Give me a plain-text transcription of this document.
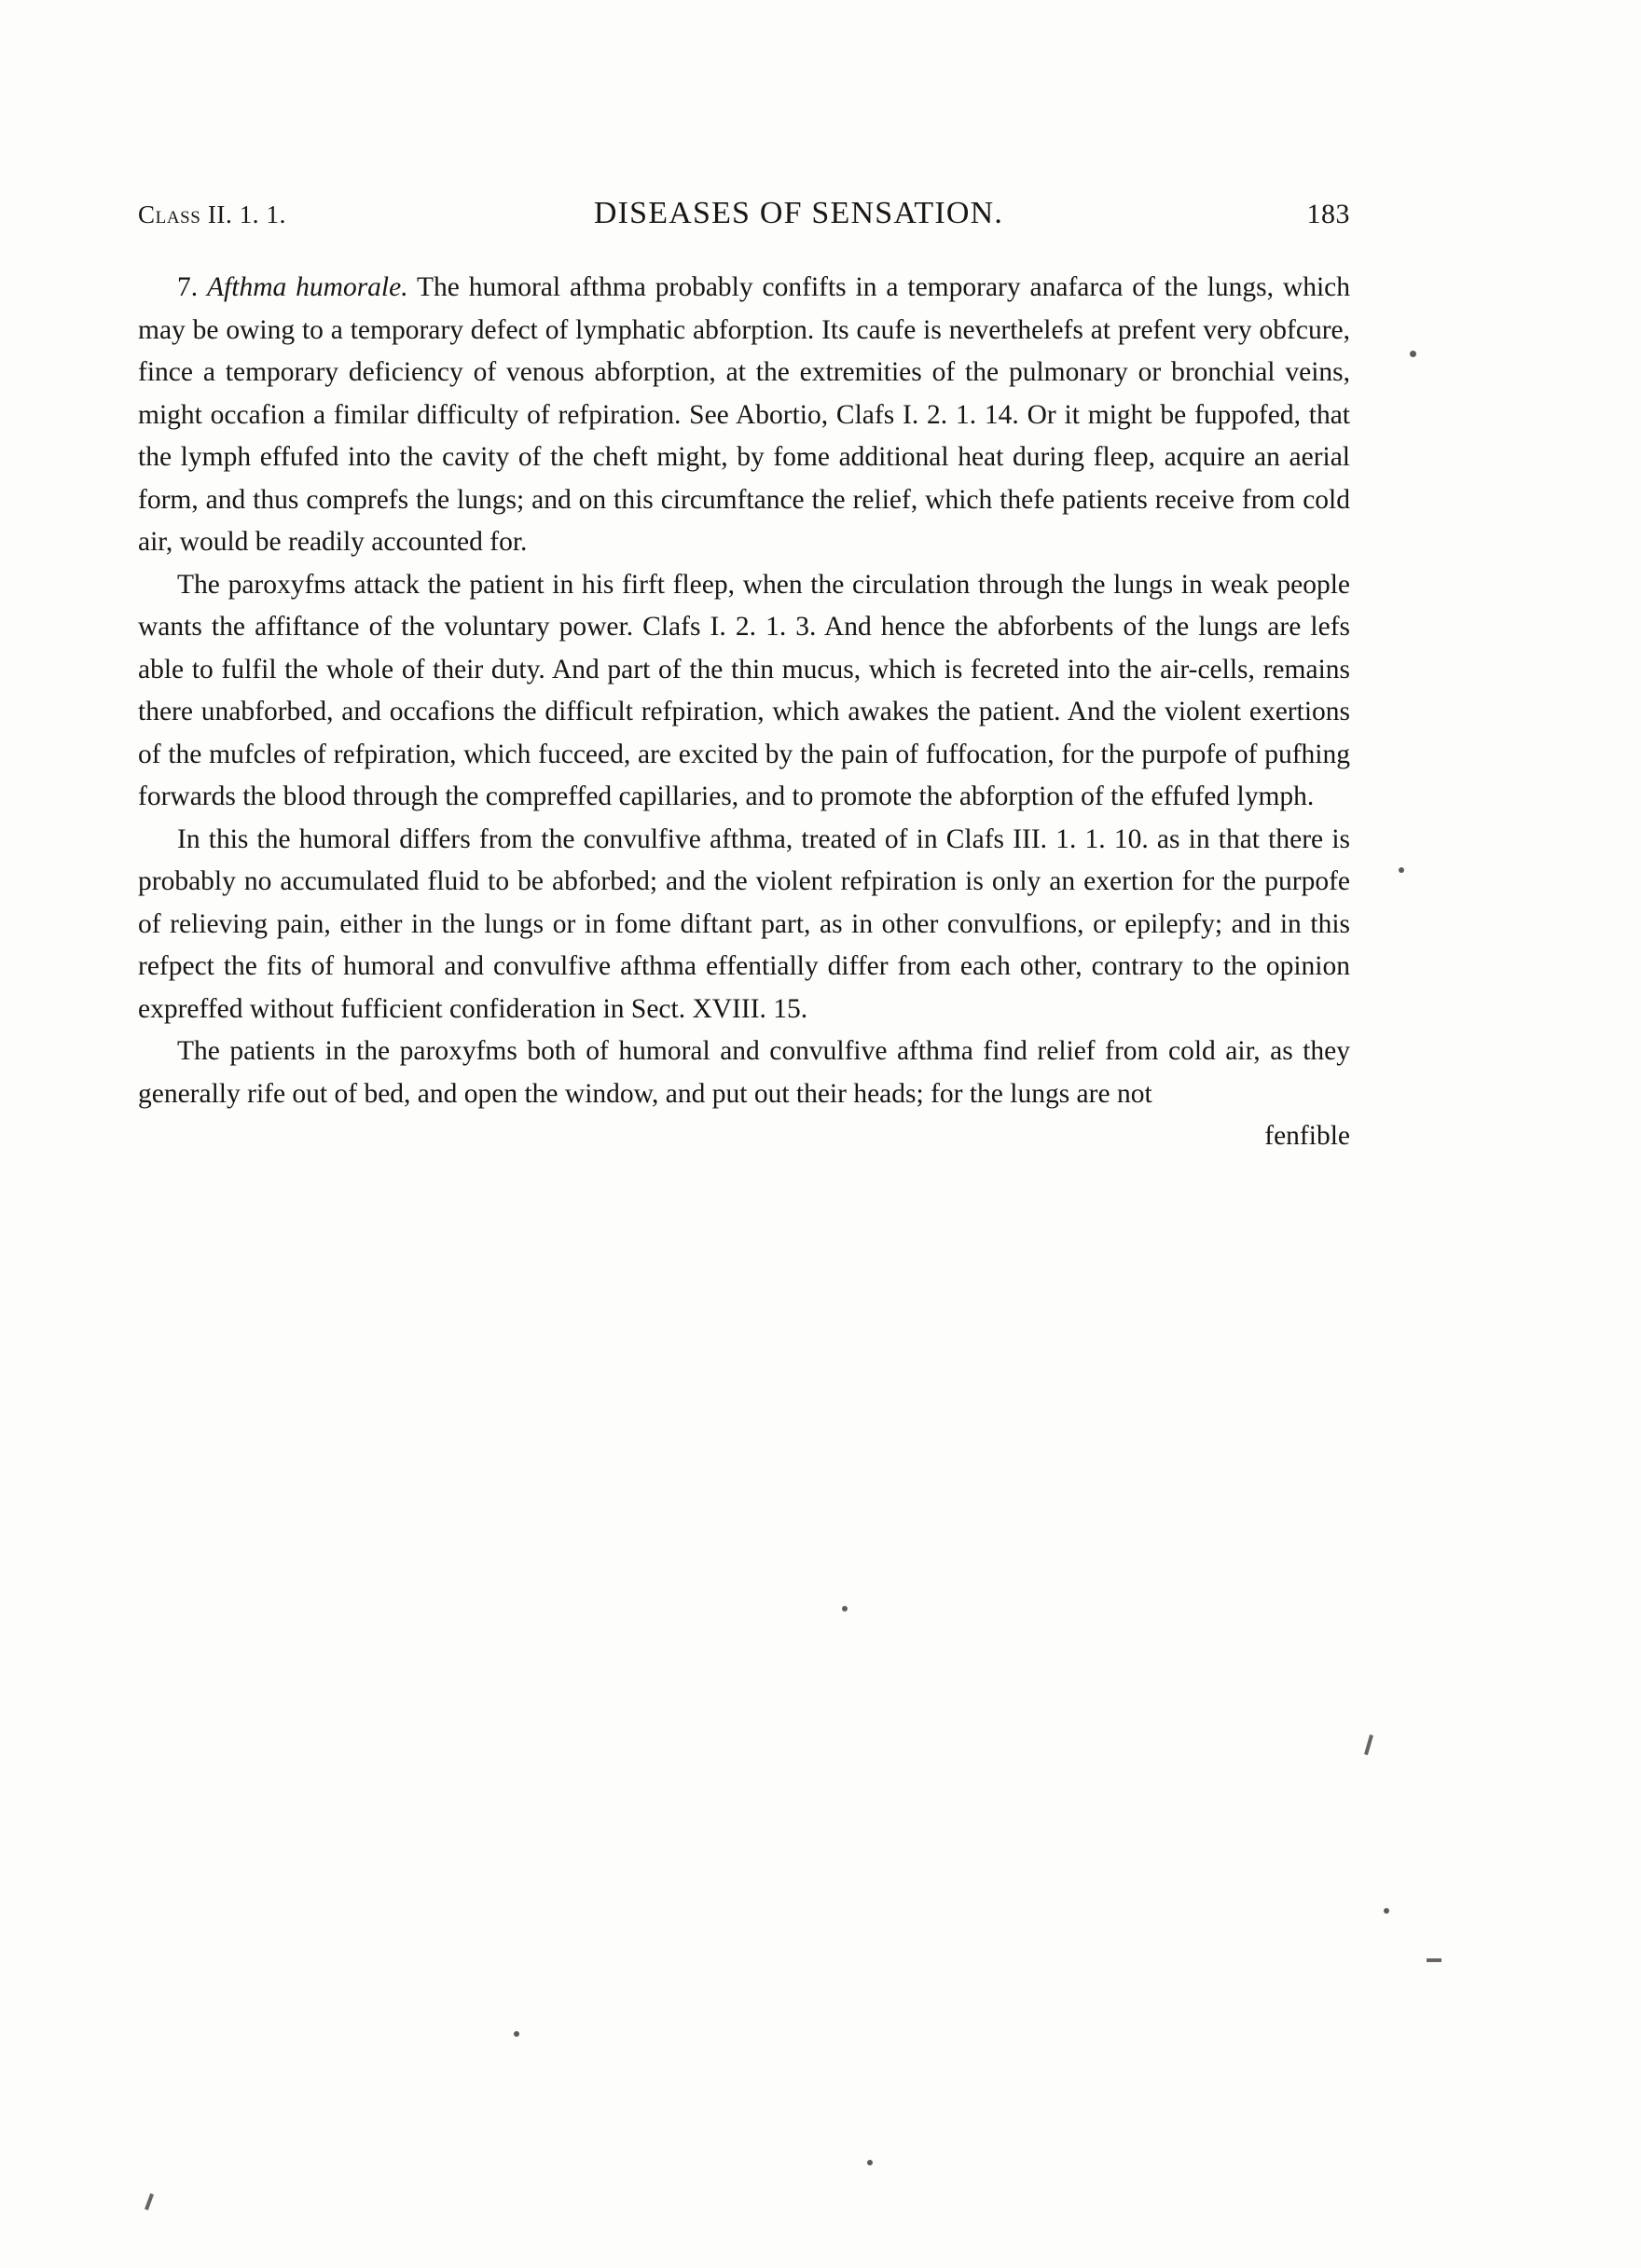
Class II. 1. 1.	DISEASES OF SENSATION.	183

7. Afthma humorale. The humoral afthma probably confifts in a temporary anafarca of the lungs, which may be owing to a temporary defect of lymphatic abforption. Its caufe is neverthelefs at prefent very obfcure, fince a temporary deficiency of venous abforption, at the extremities of the pulmonary or bronchial veins, might occafion a fimilar difficulty of refpiration. See Abortio, Clafs I. 2. 1. 14. Or it might be fuppofed, that the lymph effufed into the cavity of the cheft might, by fome additional heat during fleep, acquire an aerial form, and thus comprefs the lungs; and on this circumftance the relief, which thefe patients receive from cold air, would be readily accounted for.

The paroxyfms attack the patient in his firft fleep, when the circulation through the lungs in weak people wants the affiftance of the voluntary power. Clafs I. 2. 1. 3. And hence the abforbents of the lungs are lefs able to fulfil the whole of their duty. And part of the thin mucus, which is fecreted into the air-cells, remains there unabforbed, and occafions the difficult refpiration, which awakes the patient. And the violent exertions of the mufcles of refpiration, which fucceed, are excited by the pain of fuffocation, for the purpofe of pufhing forwards the blood through the compreffed capillaries, and to promote the abforption of the effufed lymph.

In this the humoral differs from the convulfive afthma, treated of in Clafs III. 1. 1. 10. as in that there is probably no accumulated fluid to be abforbed; and the violent refpiration is only an exertion for the purpofe of relieving pain, either in the lungs or in fome diftant part, as in other convulfions, or epilepfy; and in this refpect the fits of humoral and convulfive afthma effentially differ from each other, contrary to the opinion expreffed without fufficient confideration in Sect. XVIII. 15.

The patients in the paroxyfms both of humoral and convulfive afthma find relief from cold air, as they generally rife out of bed, and open the window, and put out their heads; for the lungs are not

fenfible
